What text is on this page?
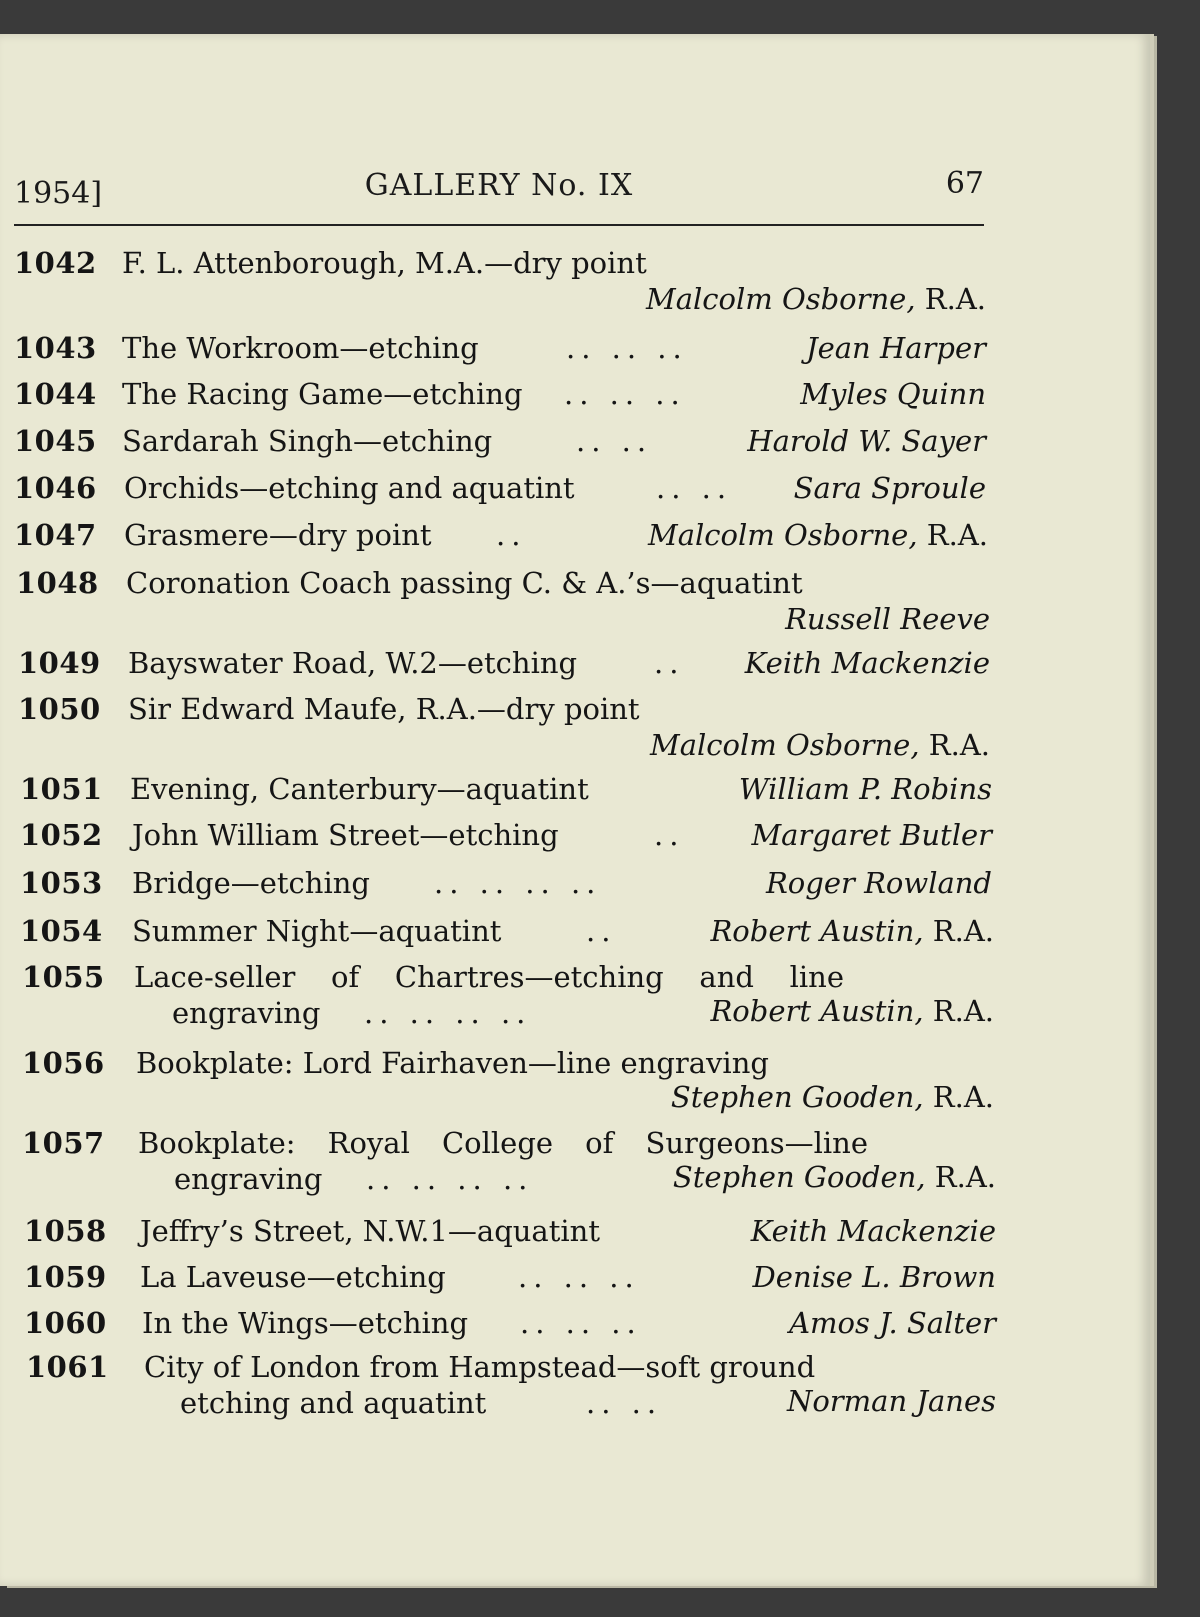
1954]	GALLERY No. IX	67
1042 F. L. Attenborough, M.A.—dry point
Malcolm Osborne, R.A.
1043 The Workroom—etching	.. .. ..	Jean Harper
1044 The Racing Game—etching .. .. ..	Myles Quinn
1045 Sardarah Singh—etching	.. ..	Harold W. Sayer
1046 Orchids—etching and aquatint	.. .. Sara Sproule
1047 Grasmere—dry point ..	Malcolm Osborne, R.A.
1048 Coronation Coach passing C. & A.’s—aquatint
Russell Reeve
1049 Bayswater Road, W.2—etching	.. Keith Mackenzie
1050 Sir Edward Maufe, R.A.—dry point
Malcolm Osborne, R.A.
1051 Evening, Canterbury—aquatint	William P. Robins
1052 John William Street—etching	.. Margaret Butler
1053 Bridge—etching .. .. .. ..	Roger Rowland
1054 Summer Night—aquatint	..	Robert Austin, R.A.
1055 Lace-seller of Chartres—etching and line
engraving .. .. .. ..	Robert Austin, R.A.
1056 Bookplate: Lord Fairhaven—line engraving
Stephen Gooden, R.A.
1057 Bookplate: Royal College of Surgeons—line
engraving .. .. .. ..	Stephen Gooden, R.A.
1058 Jeffry’s Street, N.W.1—aquatint	Keith Mackenzie
1059 La Laveuse—etching .. .. ..	Denise L. Brown
1060 In the Wings—etching .. .. ..	Amos J. Salter
1061 City of London from Hampstead—soft ground
etching and aquatint	.. ..	Norman Janes
